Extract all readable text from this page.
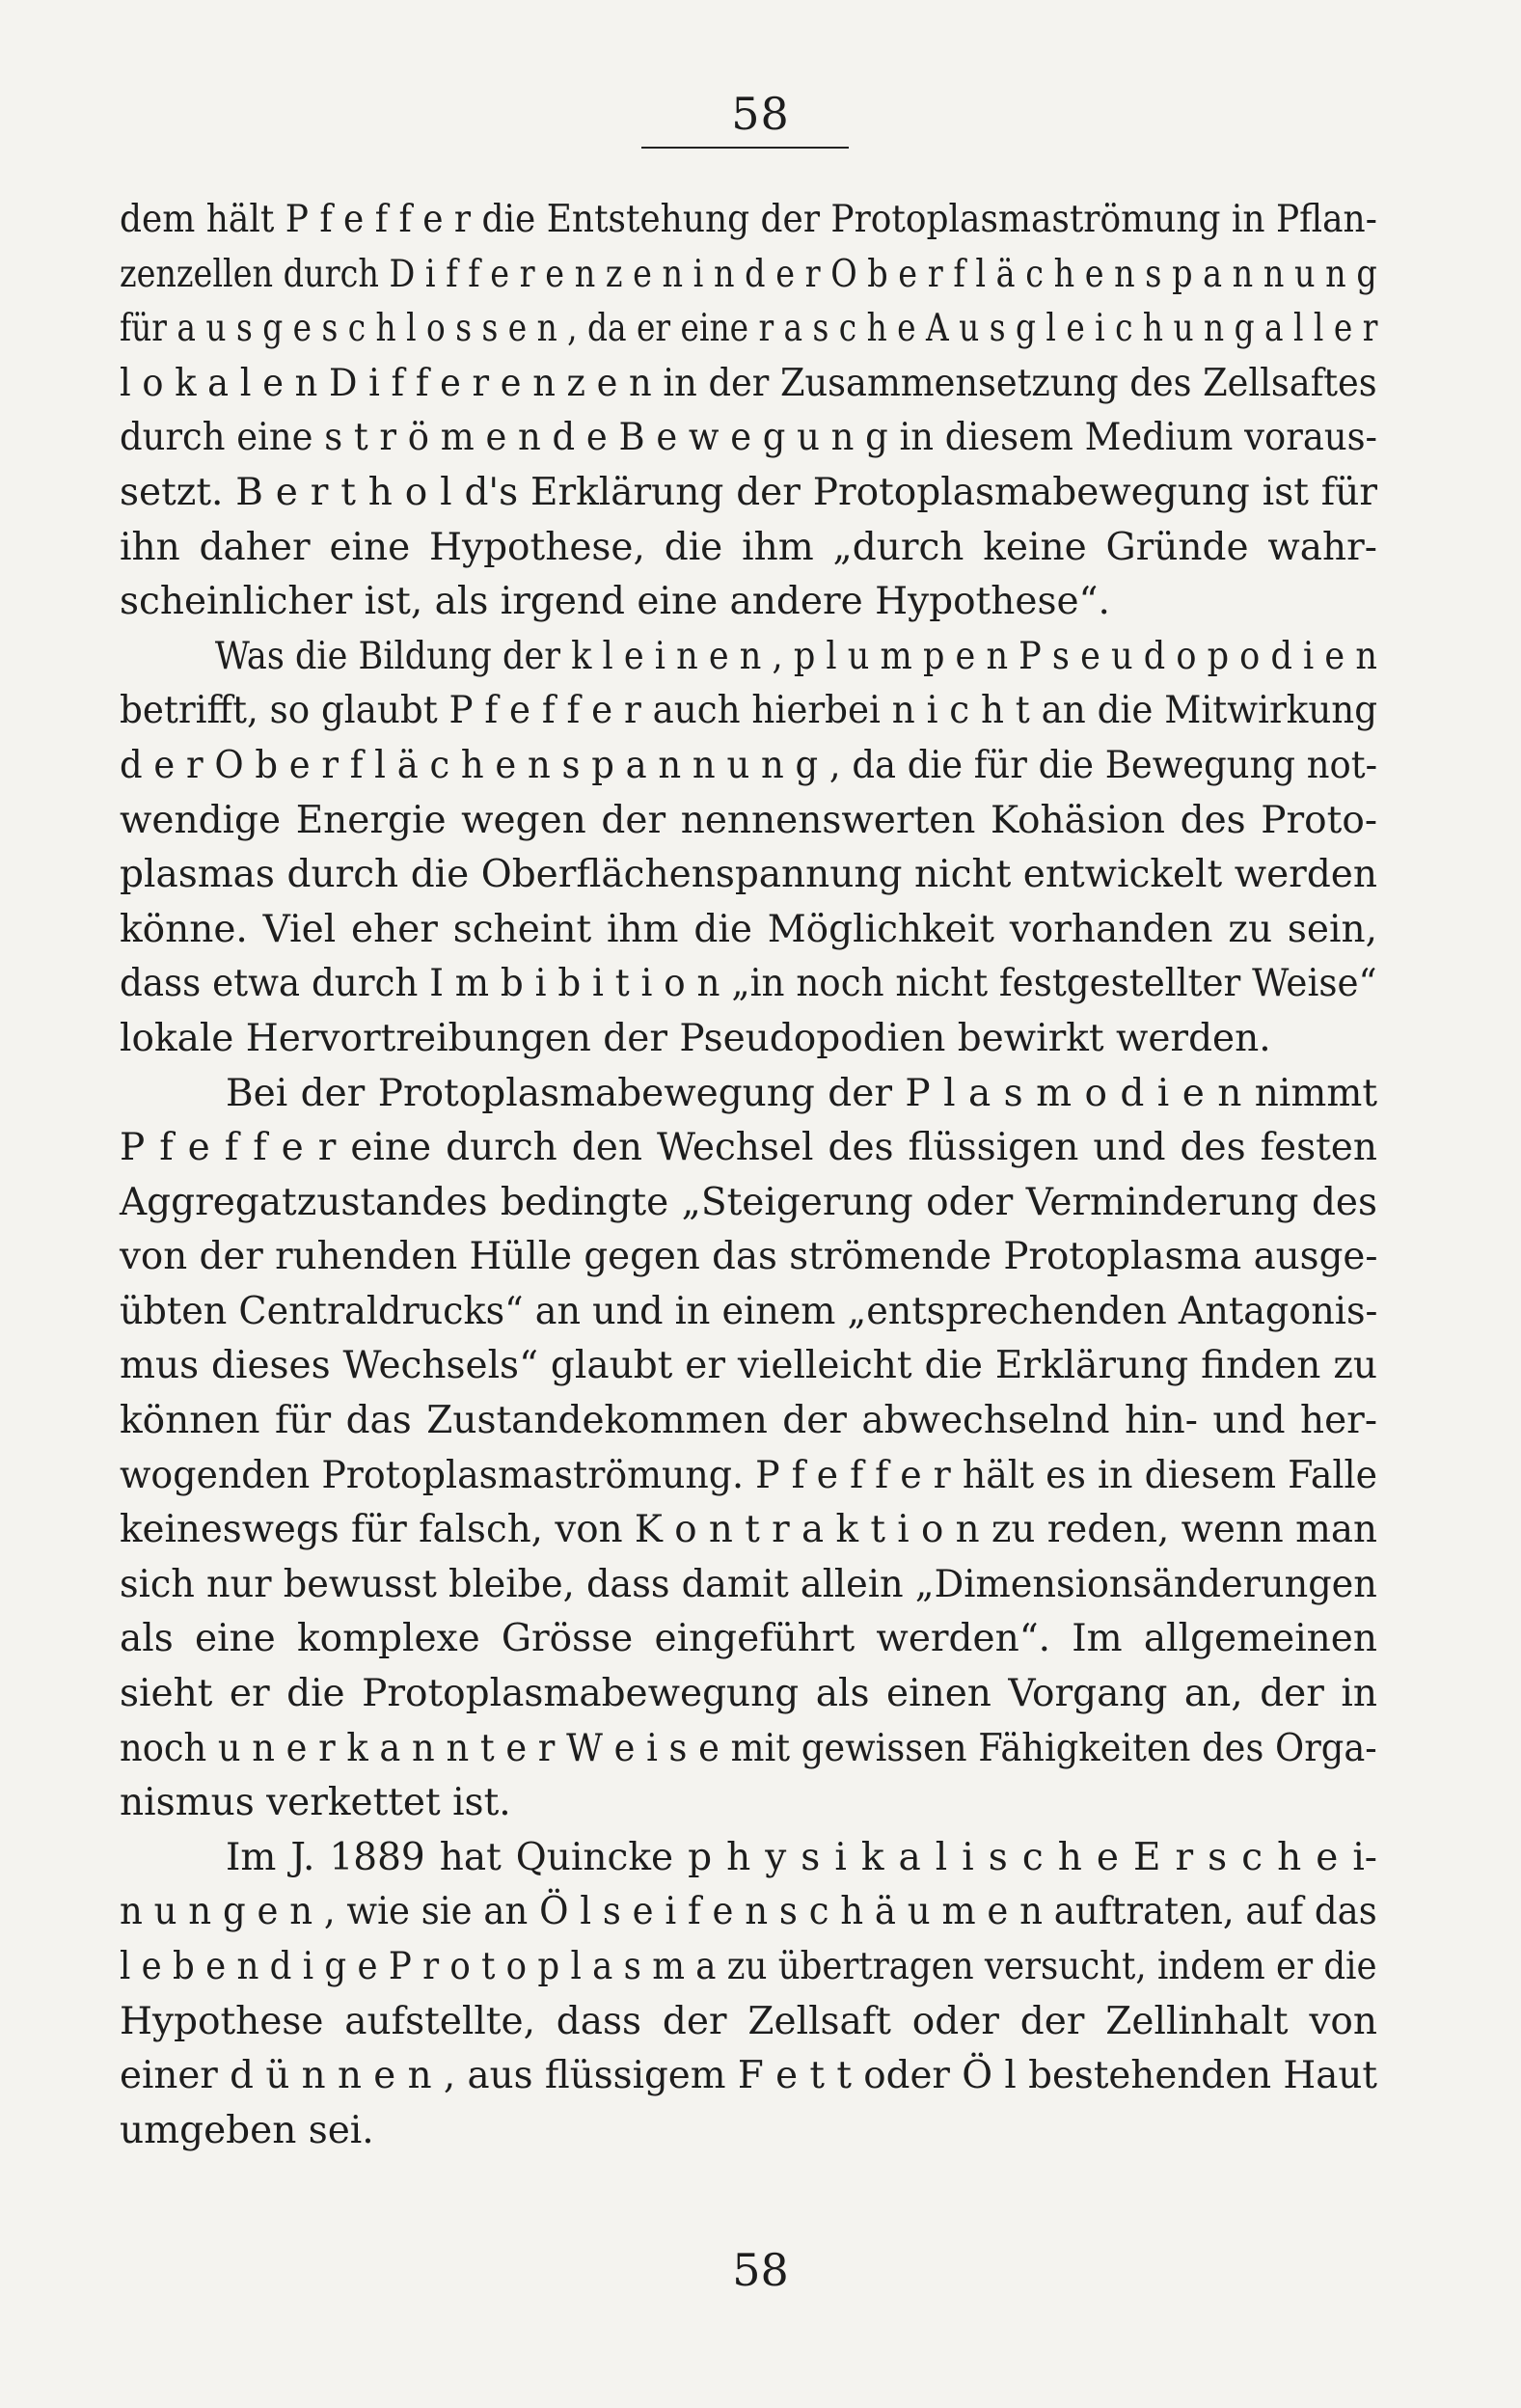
58
dem hält P f e f f e r die Entstehung der Protoplasmaströmung in Pflan-
zenzellen durch D i f f e r e n z e n i n d e r O b e r f l ä c h e n s p a n n u n g
für a u s g e s c h l o s s e n , da er eine r a s c h e A u s g l e i c h u n g a l l e r
l o k a l e n D i f f e r e n z e n in der Zusammensetzung des Zellsaftes
durch eine s t r ö m e n d e B e w e g u n g in diesem Medium voraus-
setzt. B e r t h o l d's Erklärung der Protoplasmabewegung ist für
ihn daher eine Hypothese, die ihm „durch keine Gründe wahr-
scheinlicher ist, als irgend eine andere Hypothese“.
Was die Bildung der k l e i n e n , p l u m p e n P s e u d o p o d i e n
betrifft, so glaubt P f e f f e r auch hierbei n i c h t an die Mitwirkung
d e r O b e r f l ä c h e n s p a n n u n g , da die für die Bewegung not-
wendige Energie wegen der nennenswerten Kohäsion des Proto-
plasmas durch die Oberflächenspannung nicht entwickelt werden
könne. Viel eher scheint ihm die Möglichkeit vorhanden zu sein,
dass etwa durch I m b i b i t i o n „in noch nicht festgestellter Weise“
lokale Hervortreibungen der Pseudopodien bewirkt werden.
Bei der Protoplasmabewegung der P l a s m o d i e n nimmt
P f e f f e r eine durch den Wechsel des flüssigen und des festen
Aggregatzustandes bedingte „Steigerung oder Verminderung des
von der ruhenden Hülle gegen das strömende Protoplasma ausge-
übten Centraldrucks“ an und in einem „entsprechenden Antagonis-
mus dieses Wechsels“ glaubt er vielleicht die Erklärung finden zu
können für das Zustandekommen der abwechselnd hin- und her-
wogenden Protoplasmaströmung. P f e f f e r hält es in diesem Falle
keineswegs für falsch, von K o n t r a k t i o n zu reden, wenn man
sich nur bewusst bleibe, dass damit allein „Dimensionsänderungen
als eine komplexe Grösse eingeführt werden“. Im allgemeinen
sieht er die Protoplasmabewegung als einen Vorgang an, der in
noch u n e r k a n n t e r W e i s e mit gewissen Fähigkeiten des Orga-
nismus verkettet ist.
Im J. 1889 hat Quincke p h y s i k a l i s c h e E r s c h e i-
n u n g e n , wie sie an Ö l s e i f e n s c h ä u m e n auftraten, auf das
l e b e n d i g e P r o t o p l a s m a zu übertragen versucht, indem er die
Hypothese aufstellte, dass der Zellsaft oder der Zellinhalt von
einer d ü n n e n , aus flüssigem F e t t oder Ö l bestehenden Haut
umgeben sei.
58
